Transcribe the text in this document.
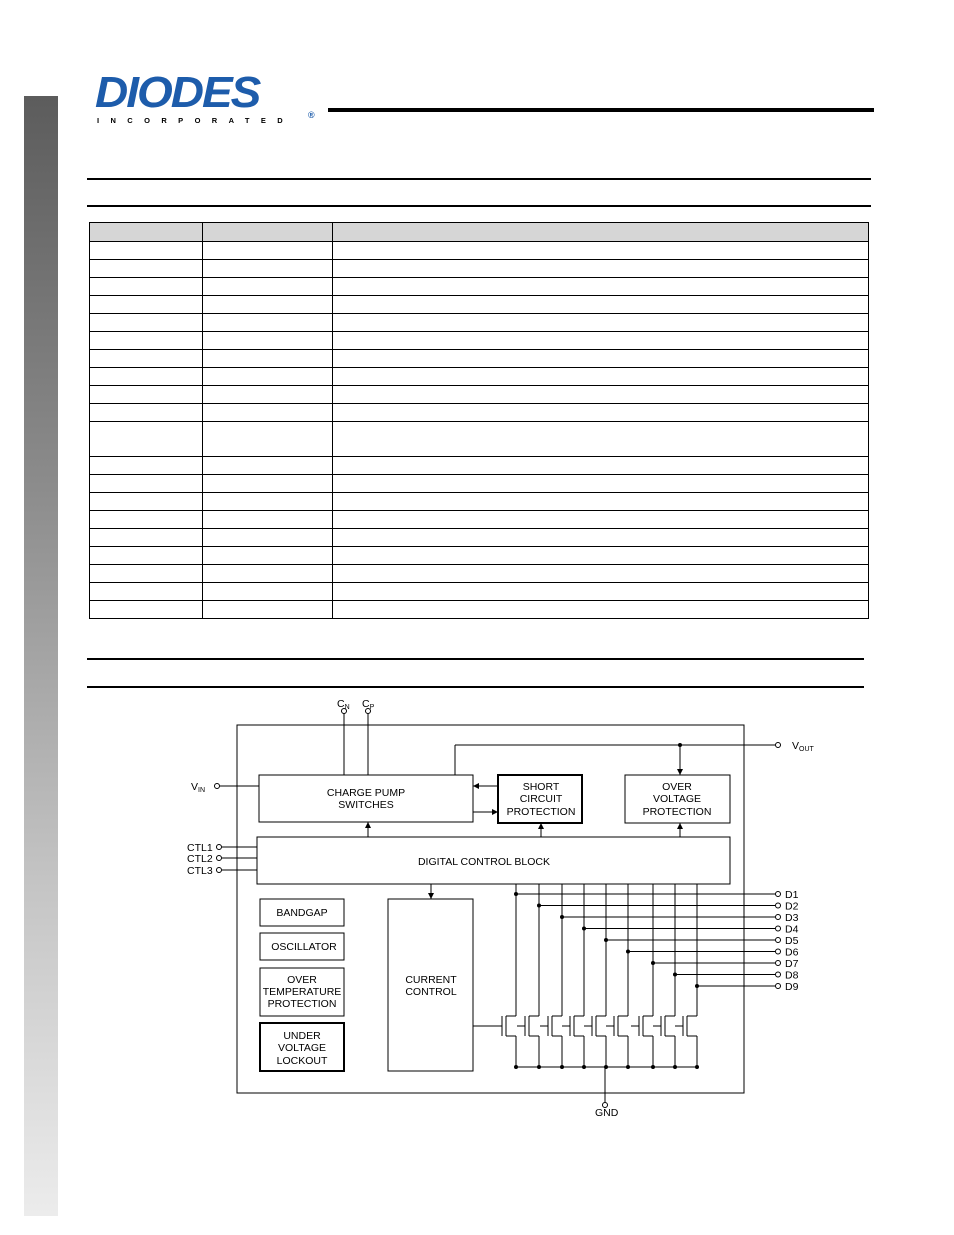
DIODES
INCORPORATED
®

D1
D2
D3
D4
D5
D6
D7
D8
D9
CN CP
VIN
VOUT
CTL1
CTL2
CTL3
GND
CHARGE PUMP
SWITCHES
SHORT
CIRCUIT
PROTECTION
OVER
VOLTAGE
PROTECTION
DIGITAL CONTROL BLOCK
BANDGAP
OSCILLATOR
OVER
TEMPERATURE
PROTECTION
UNDER
VOLTAGE
LOCKOUT
CURRENT
CONTROL
